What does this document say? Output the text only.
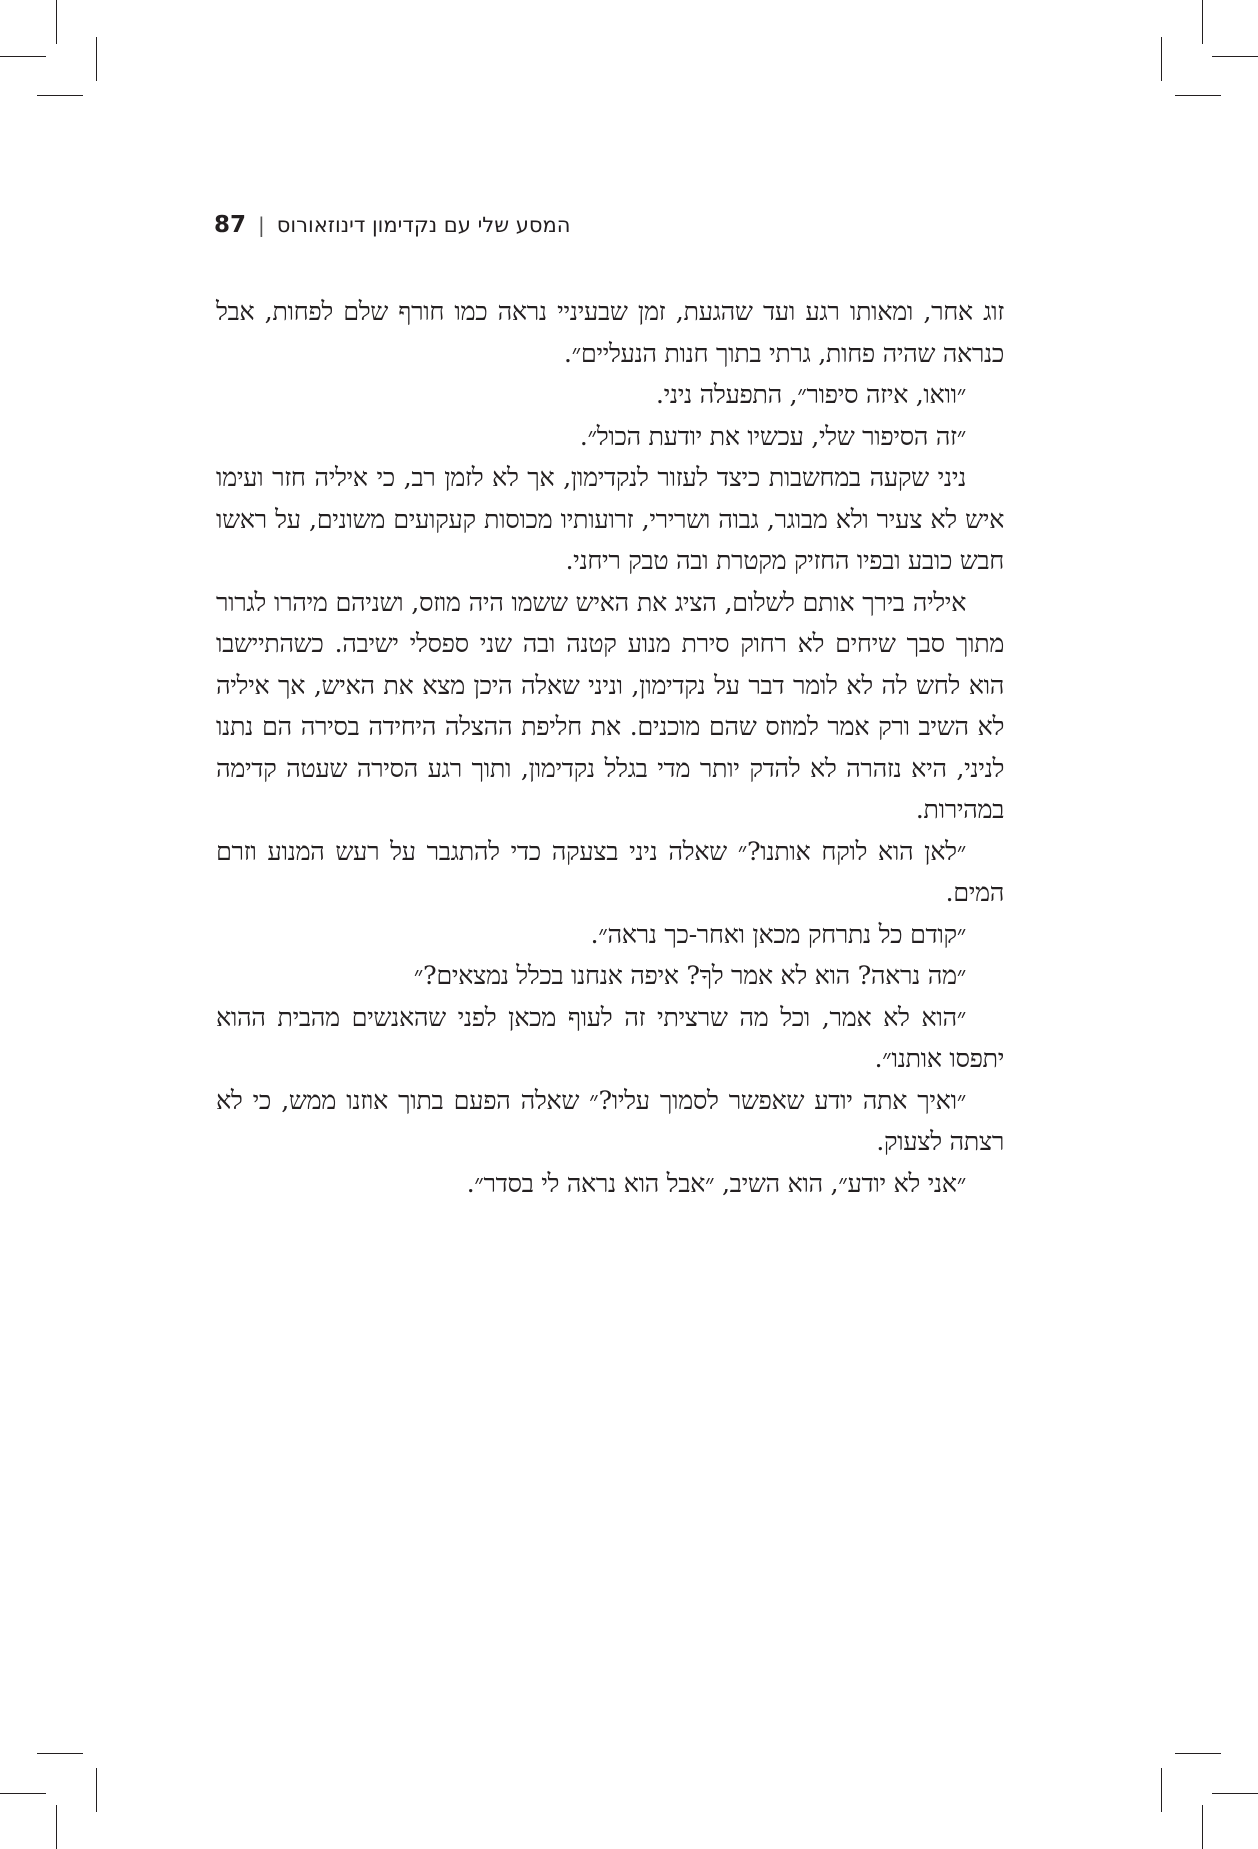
87 | המסע שלי עם נקדימון דינוזאורוס

זוג אחר, ומאותו רגע ועד שהגעת, זמן שבעיניי נראה כמו חורף שלם לפחות, אבל כנראה שהיה פחות, גרתי בתוך חנות הנעליים״.

״וואו, איזה סיפור״, התפעלה ניני.

״זה הסיפור שלי, עכשיו את יודעת הכול״.

ניני שקעה במחשבות כיצד לעזור לנקדימון, אך לא לזמן רב, כי איליה חזר ועימו איש לא צעיר ולא מבוגר, גבוה ושרירי, זרועותיו מכוסות קעקועים משונים, על ראשו חבש כובע ובפיו החזיק מקטרת ובה טבק ריחני.

איליה בירך אותם לשלום, הציג את האיש ששמו היה מוזס, ושניהם מיהרו לגרור מתוך סבך שיחים לא רחוק סירת מנוע קטנה ובה שני ספסלי ישיבה. כשהתיישבו הוא לחש לה לא לומר דבר על נקדימון, וניני שאלה היכן מצא את האיש, אך איליה לא השיב ורק אמר למוזס שהם מוכנים. את חליפת ההצלה היחידה בסירה הם נתנו לניני, היא נזהרה לא להדק יותר מדי בגלל נקדימון, ותוך רגע הסירה שעטה קדימה במהירות.

״לאן הוא לוקח אותנו?״ שאלה ניני בצעקה כדי להתגבר על רעש המנוע וזרם המים.

״קודם כל נתרחק מכאן ואחר-כך נראה״.

״מה נראה? הוא לא אמר לךָ? איפה אנחנו בכלל נמצאים?״

״הוא לא אמר, וכל מה שרציתי זה לעוף מכאן לפני שהאנשים מהבית ההוא יתפסו אותנו״.

״ואיך אתה יודע שאפשר לסמוך עליו?״ שאלה הפעם בתוך אוזנו ממש, כי לא רצתה לצעוק.

״אני לא יודע״, הוא השיב, ״אבל הוא נראה לי בסדר״.
